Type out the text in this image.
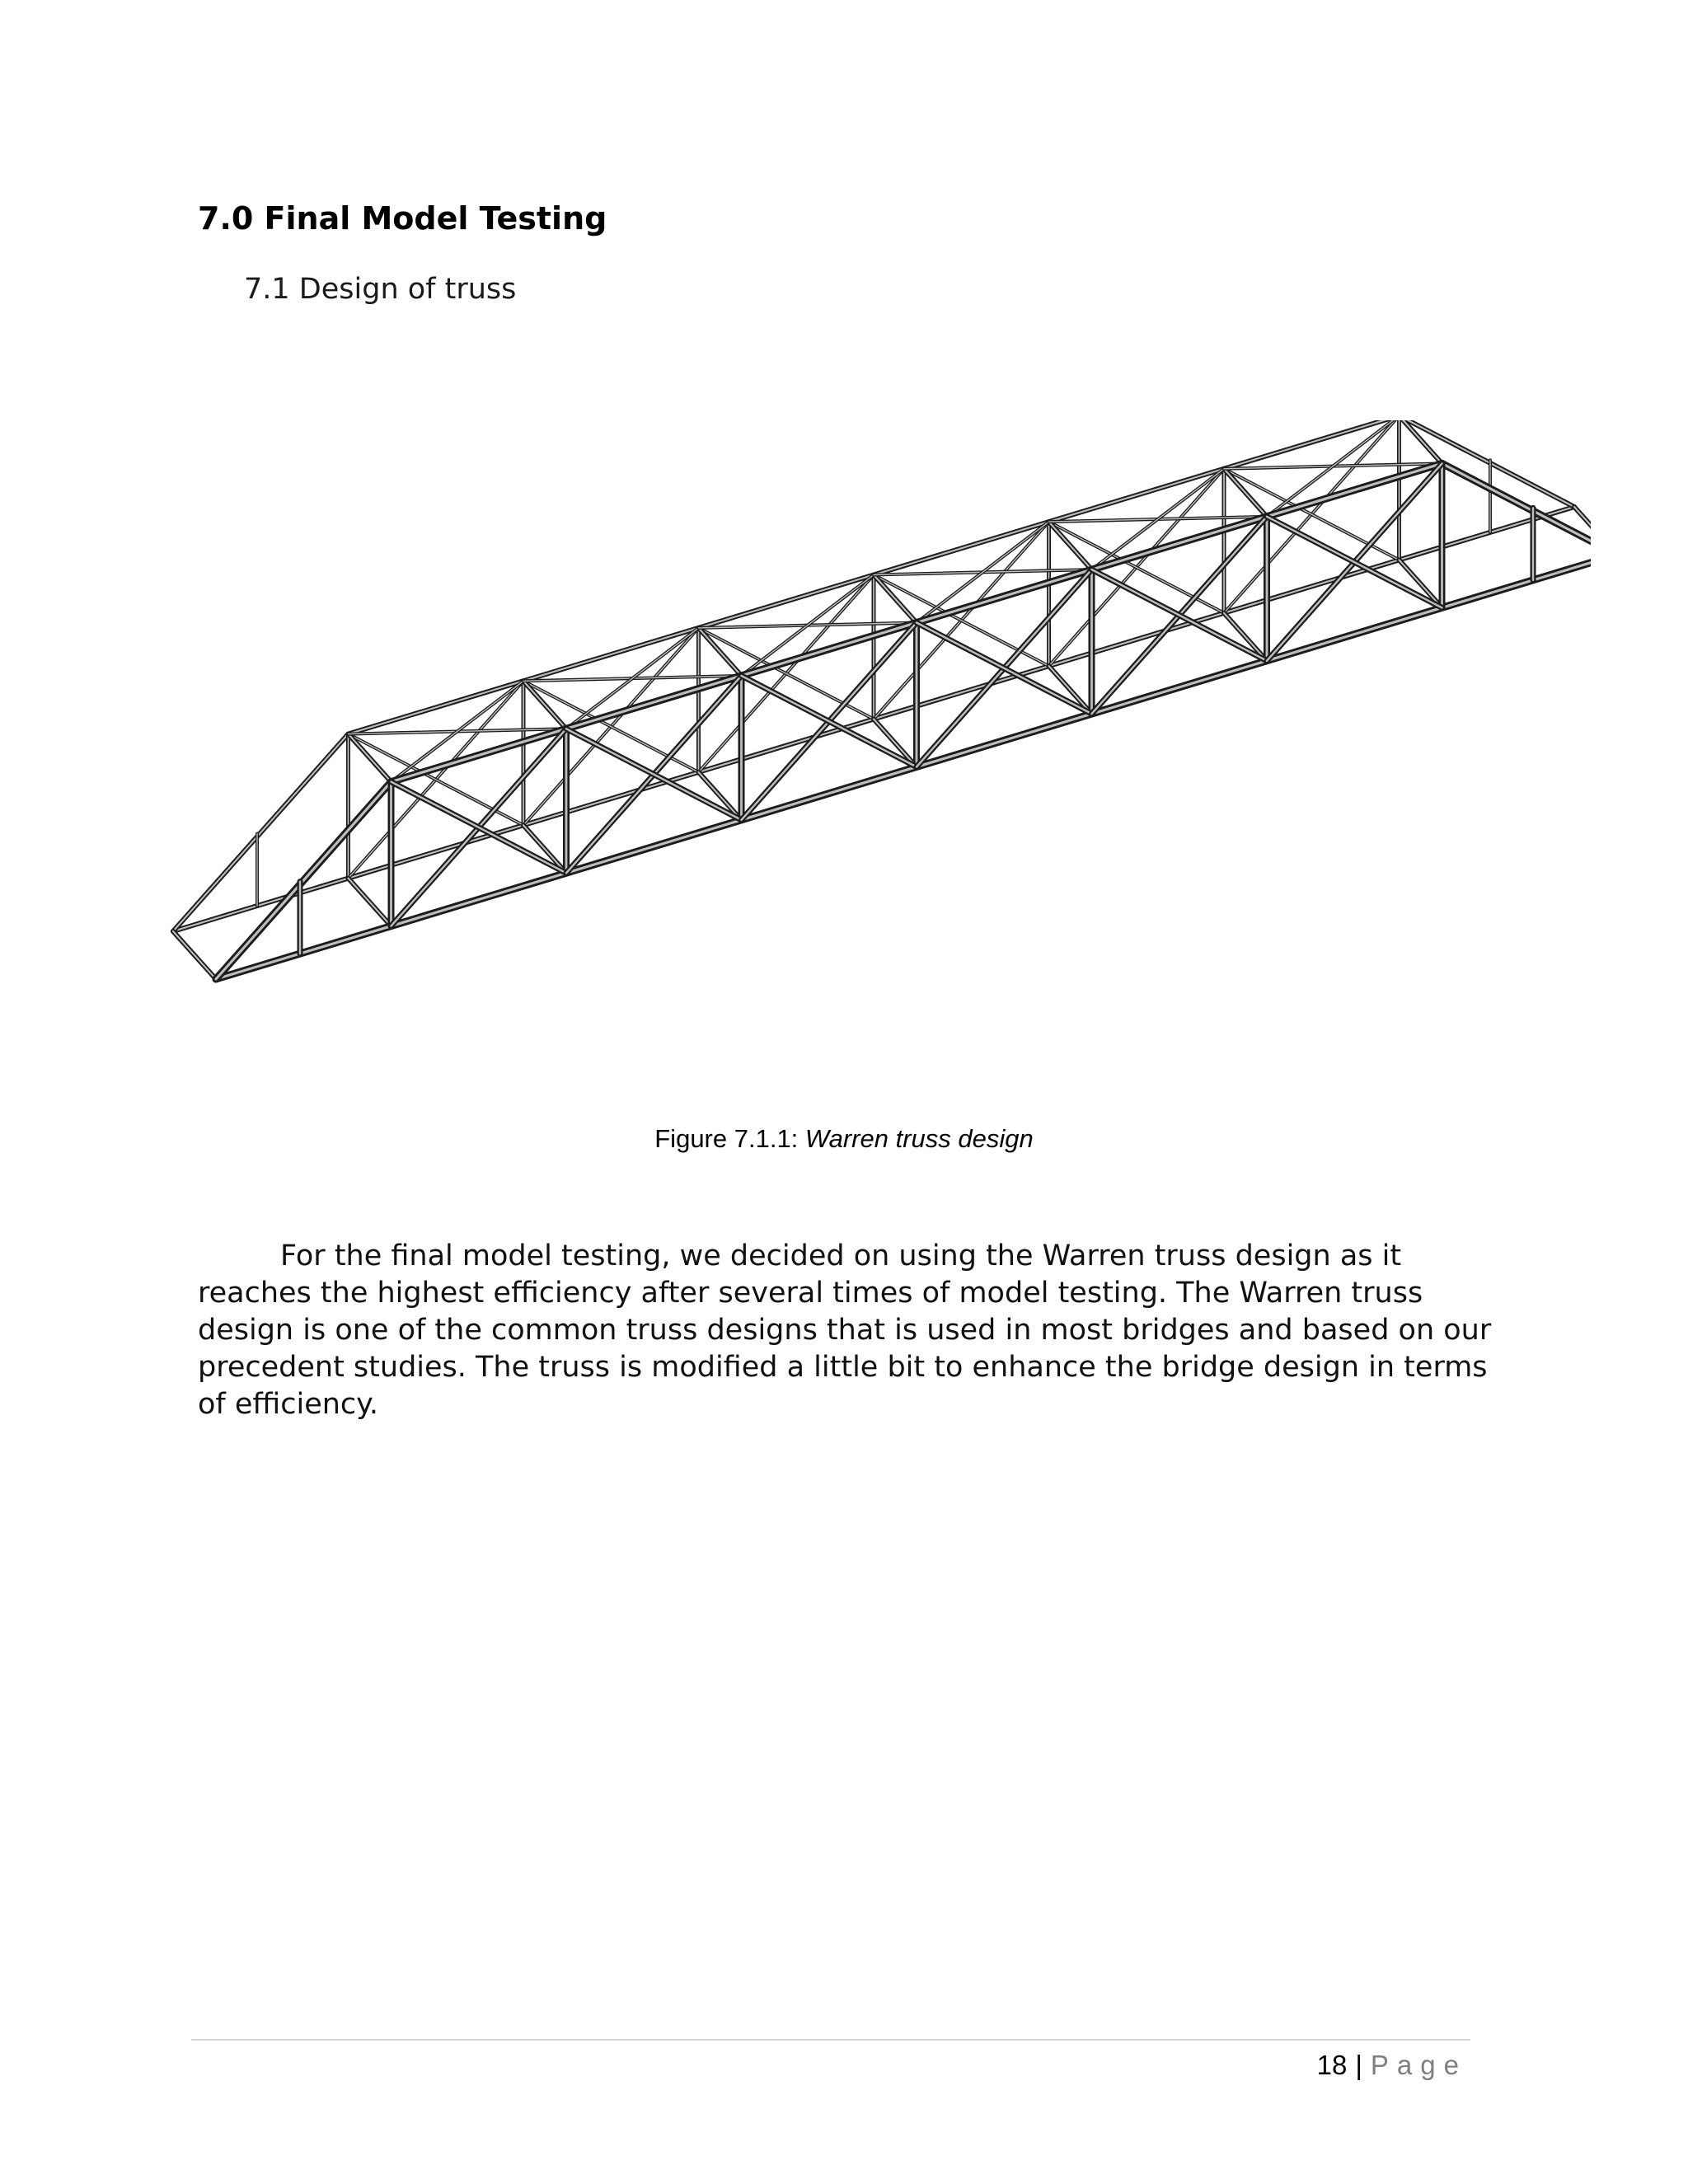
7.0 Final Model Testing
7.1 Design of truss
Figure 7.1.1: Warren truss design

For the final model testing, we decided on using the Warren truss design as it reaches the highest efficiency after several times of model testing. The Warren truss design is one of the common truss designs that is used in most bridges and based on our precedent studies. The truss is modified a little bit to enhance the bridge design in terms of efficiency.

18 | Page
